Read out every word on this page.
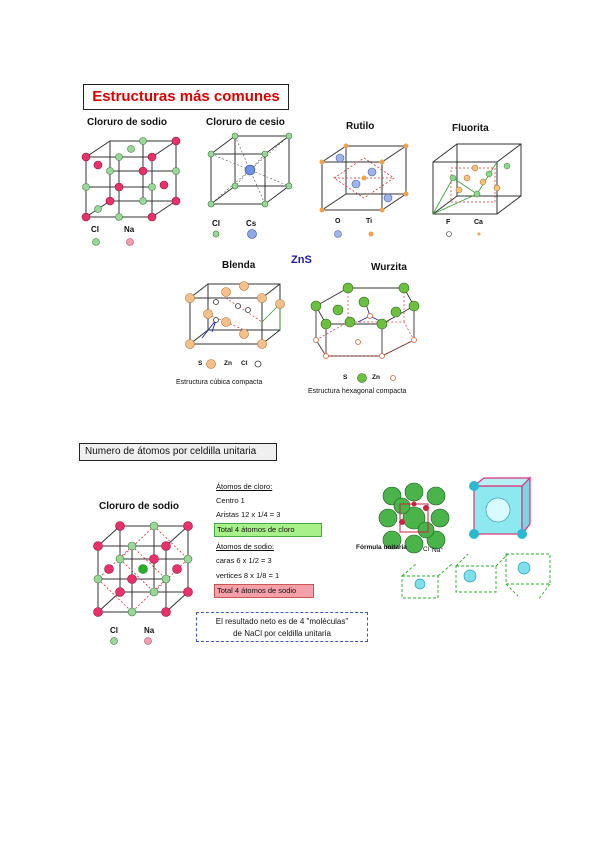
Estructuras más comunes
Cloruro de sodio	Cloruro de cesio	Rutilo	Fluorita
Cl	Na
Cl	Cs	O	Ti	F	Ca
ZnS
Blenda	Wurzita
S	Zn Cl
Estructura cúbica compacta
S	Zn
Estructura hexagonal compacta
Numero de átomos por celdilla unitaria
Cloruro de sodio
Cl	Na
Átomos de cloro:
Centro 1
Aristas 12 x 1/4 = 3
Total 4 átomos de cloro
Átomos de sodio:
caras 6 x 1/2 = 3
vertices 8 x 1/8 = 1
Total 4 átomos de sodio
El resultado neto es de 4 "moléculas"
de NaCl por celdilla unitaria
Fórmula unitaria Cl Na⁺
